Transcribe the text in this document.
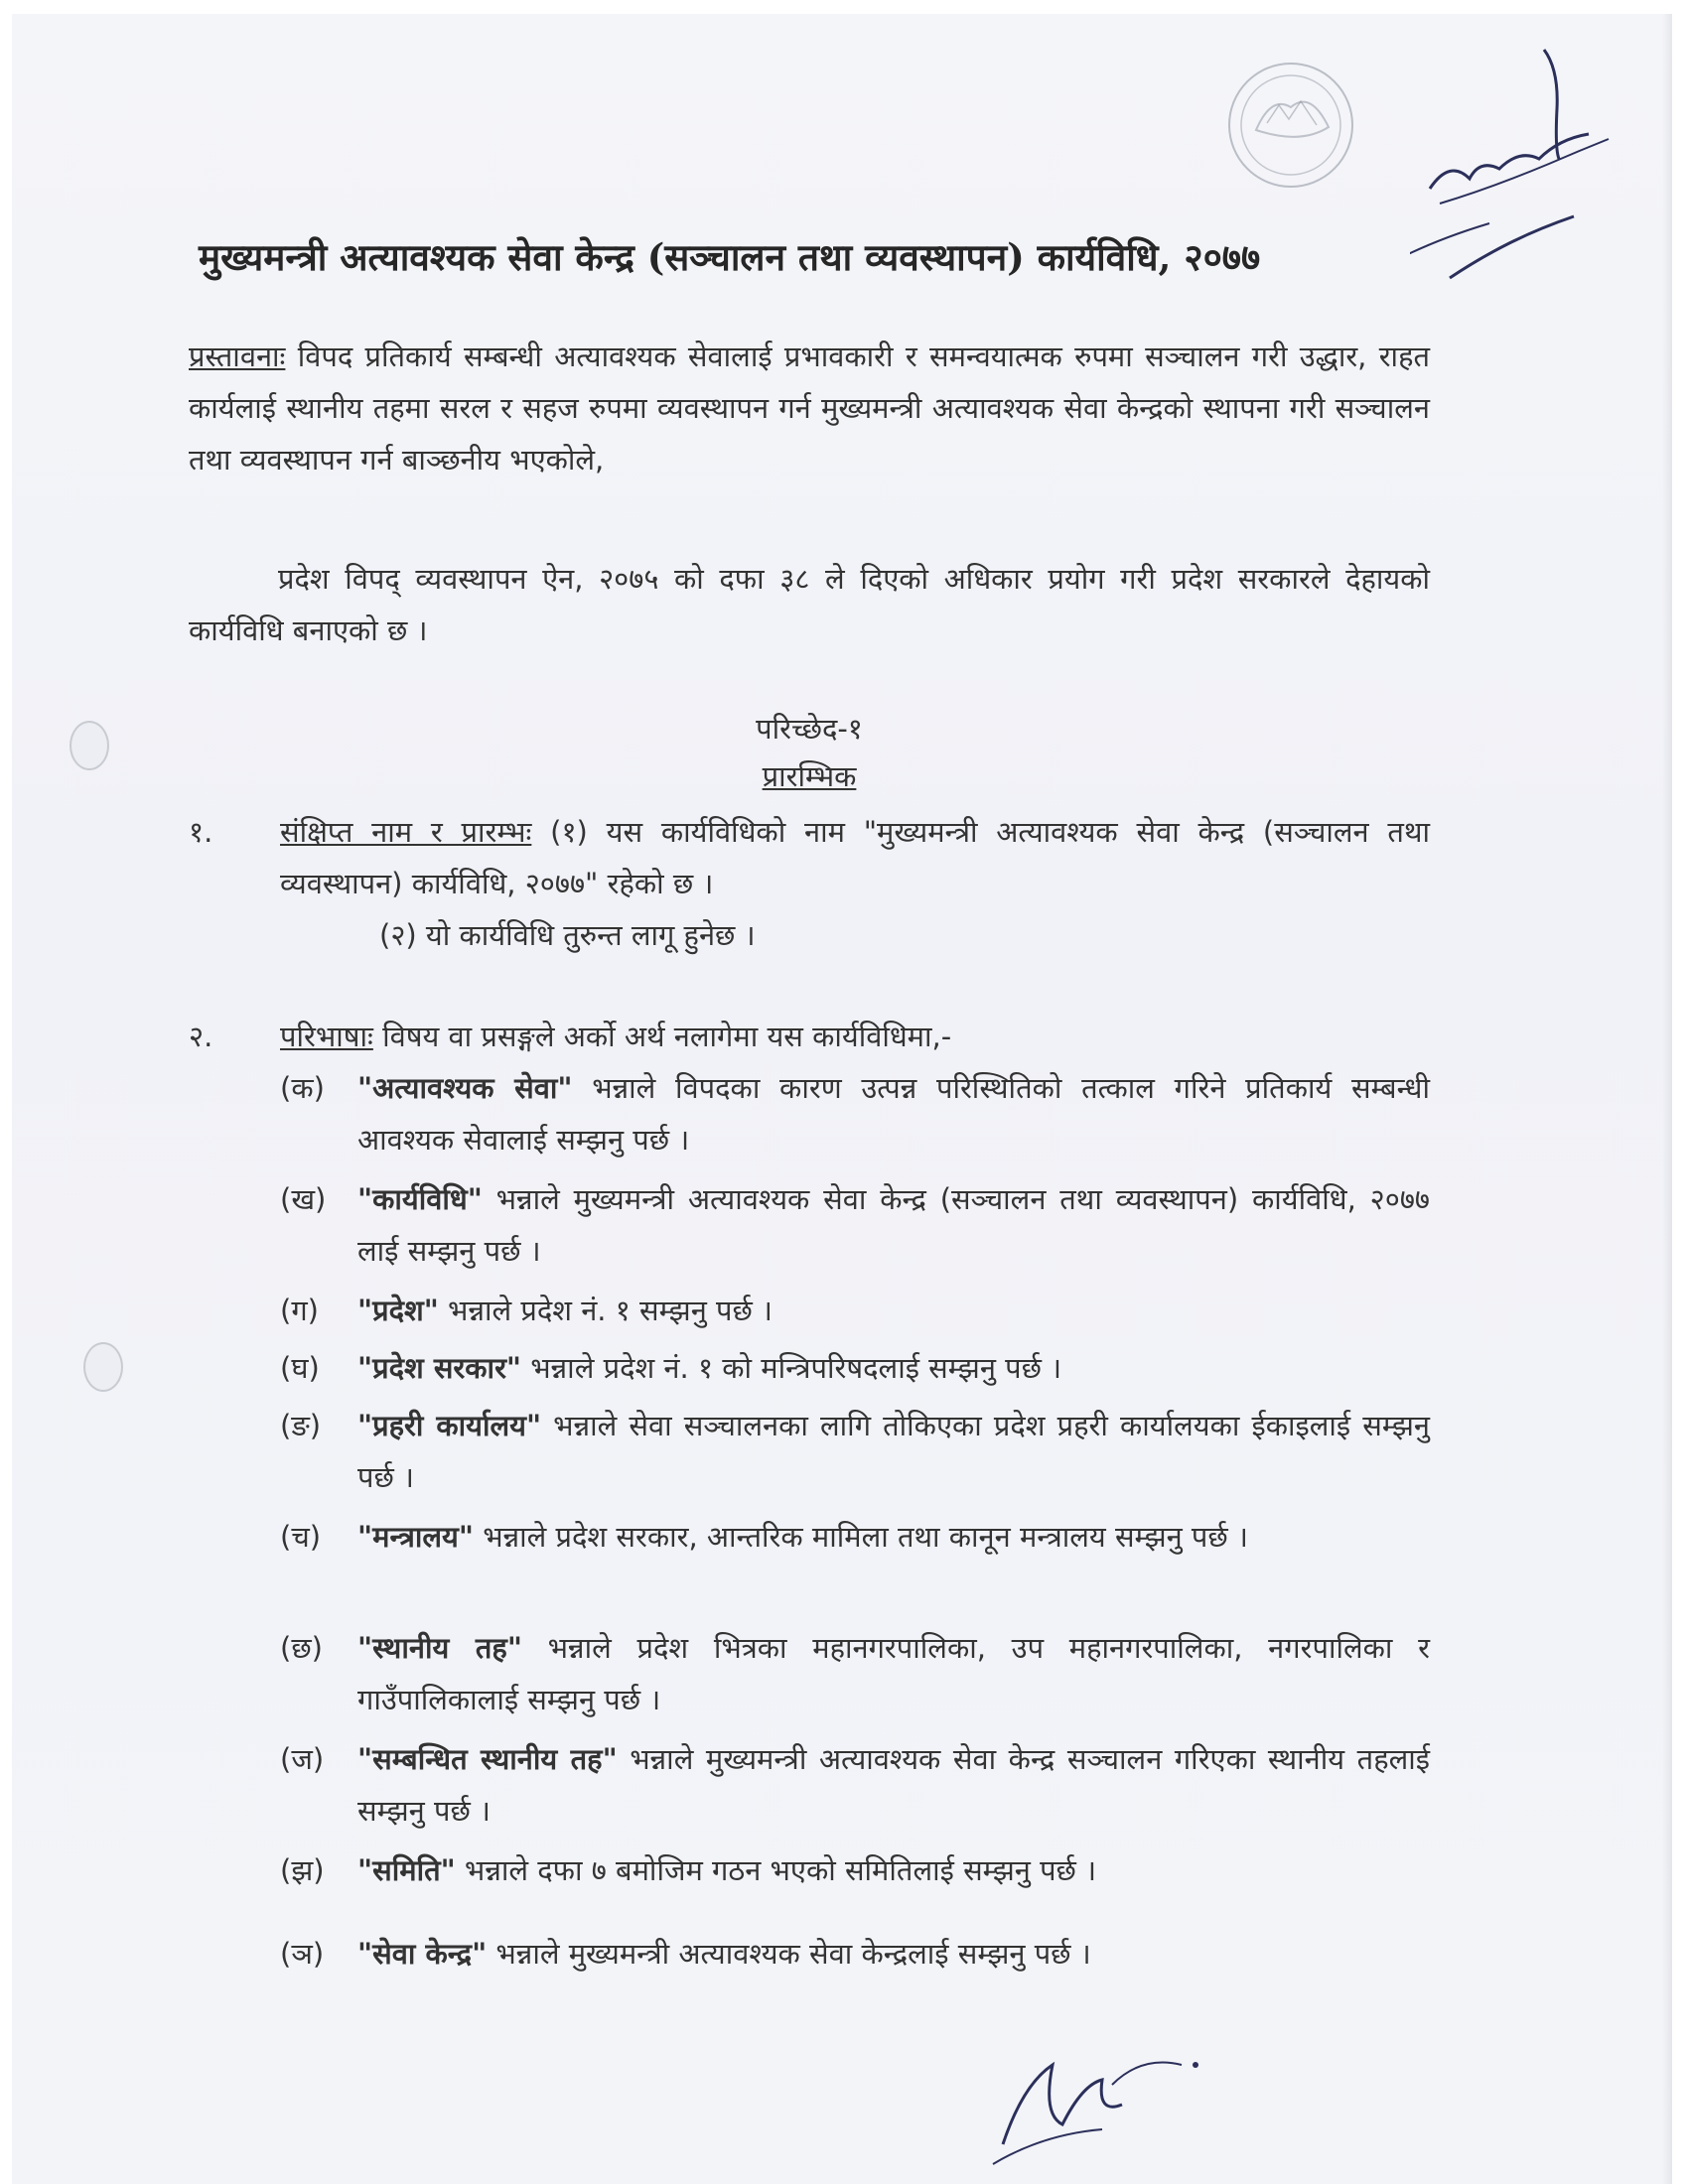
मुख्यमन्त्री अत्यावश्यक सेवा केन्द्र (सञ्चालन तथा व्यवस्थापन) कार्यविधि, २०७७
प्रस्तावनाः विपद प्रतिकार्य सम्बन्धी अत्यावश्यक सेवालाई प्रभावकारी र समन्वयात्मक रुपमा सञ्चालन गरी उद्धार, राहत कार्यलाई स्थानीय तहमा सरल र सहज रुपमा व्यवस्थापन गर्न मुख्यमन्त्री अत्यावश्यक सेवा केन्द्रको स्थापना गरी सञ्चालन तथा व्यवस्थापन गर्न बाञ्छनीय भएकोले,
प्रदेश विपद् व्यवस्थापन ऐन, २०७५ को दफा ३८ ले दिएको अधिकार प्रयोग गरी प्रदेश सरकारले देहायको कार्यविधि बनाएको छ ।
परिच्छेद-१
प्रारम्भिक
१.	संक्षिप्त नाम र प्रारम्भः (१) यस कार्यविधिको नाम "मुख्यमन्त्री अत्यावश्यक सेवा केन्द्र (सञ्चालन तथा व्यवस्थापन) कार्यविधि, २०७७" रहेको छ ।
(२) यो कार्यविधि तुरुन्त लागू हुनेछ ।
२.	परिभाषाः विषय वा प्रसङ्गले अर्को अर्थ नलागेमा यस कार्यविधिमा,-
(क)	"अत्यावश्यक सेवा" भन्नाले विपदका कारण उत्पन्न परिस्थितिको तत्काल गरिने प्रतिकार्य सम्बन्धी आवश्यक सेवालाई सम्झनु पर्छ ।
(ख)	"कार्यविधि" भन्नाले मुख्यमन्त्री अत्यावश्यक सेवा केन्द्र (सञ्चालन तथा व्यवस्थापन) कार्यविधि, २०७७ लाई सम्झनु पर्छ ।
(ग)	"प्रदेश" भन्नाले प्रदेश नं. १ सम्झनु पर्छ ।
(घ)	"प्रदेश सरकार" भन्नाले प्रदेश नं. १ को मन्त्रिपरिषदलाई सम्झनु पर्छ ।
(ङ)	"प्रहरी कार्यालय" भन्नाले सेवा सञ्चालनका लागि तोकिएका प्रदेश प्रहरी कार्यालयका ईकाइलाई सम्झनु पर्छ ।
(च)	"मन्त्रालय" भन्नाले प्रदेश सरकार, आन्तरिक मामिला तथा कानून मन्त्रालय सम्झनु पर्छ ।
(छ)	"स्थानीय तह" भन्नाले प्रदेश भित्रका महानगरपालिका, उप महानगरपालिका, नगरपालिका र गाउँपालिकालाई सम्झनु पर्छ ।
(ज)	"सम्बन्धित स्थानीय तह" भन्नाले मुख्यमन्त्री अत्यावश्यक सेवा केन्द्र सञ्चालन गरिएका स्थानीय तहलाई सम्झनु पर्छ ।
(झ)	"समिति" भन्नाले दफा ७ बमोजिम गठन भएको समितिलाई सम्झनु पर्छ ।
(ञ)	"सेवा केन्द्र" भन्नाले मुख्यमन्त्री अत्यावश्यक सेवा केन्द्रलाई सम्झनु पर्छ ।
